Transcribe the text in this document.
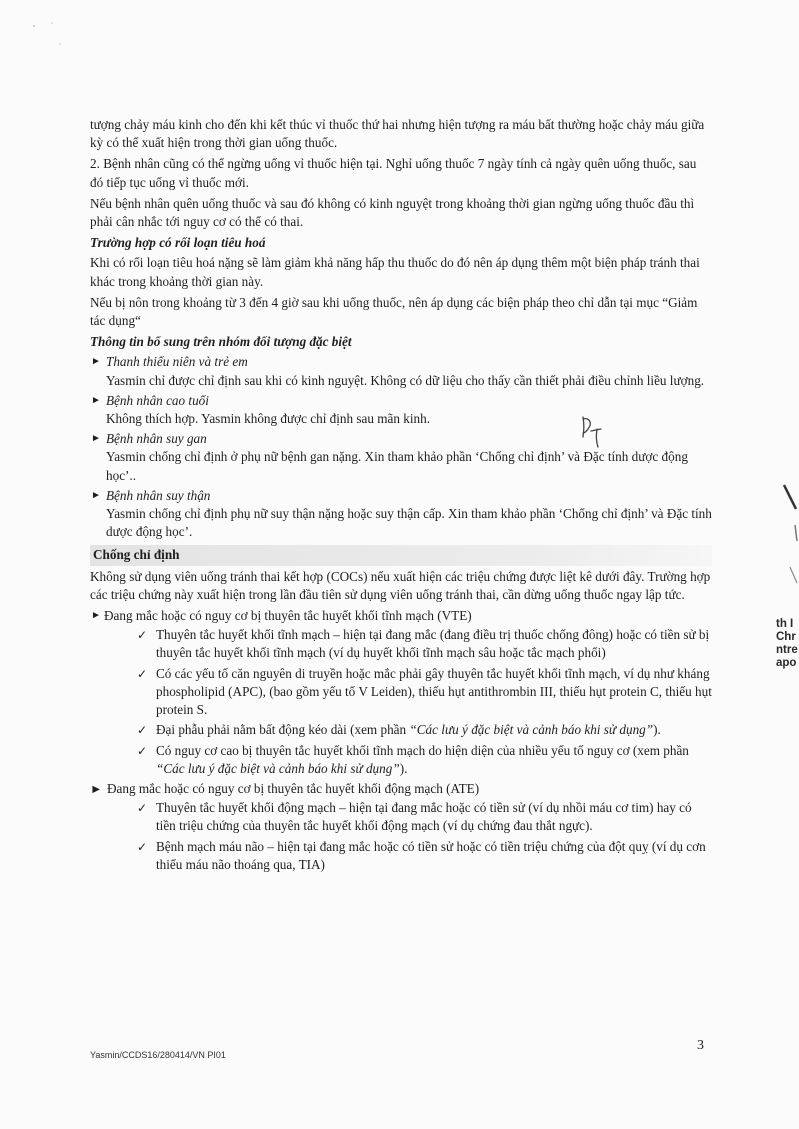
tượng chảy máu kinh cho đến khi kết thúc vỉ thuốc thứ hai nhưng hiện tượng ra máu bất thường hoặc chảy máu giữa kỳ có thể xuất hiện trong thời gian uống thuốc.

2. Bệnh nhân cũng có thể ngừng uống vỉ thuốc hiện tại. Nghỉ uống thuốc 7 ngày tính cả ngày quên uống thuốc, sau đó tiếp tục uống vỉ thuốc mới.

Nếu bệnh nhân quên uống thuốc và sau đó không có kinh nguyệt trong khoảng thời gian ngừng uống thuốc đầu thì phải cân nhắc tới nguy cơ có thể có thai.

Trường hợp có rối loạn tiêu hoá

Khi có rối loạn tiêu hoá nặng sẽ làm giảm khả năng hấp thu thuốc do đó nên áp dụng thêm một biện pháp tránh thai khác trong khoảng thời gian này.

Nếu bị nôn trong khoảng từ 3 đến 4 giờ sau khi uống thuốc, nên áp dụng các biện pháp theo chỉ dẫn tại mục “Giảm tác dụng“

Thông tin bổ sung trên nhóm đối tượng đặc biệt
► Thanh thiếu niên và trẻ em
Yasmin chỉ được chỉ định sau khi có kinh nguyệt. Không có dữ liệu cho thấy cần thiết phải điều chỉnh liều lượng.
► Bệnh nhân cao tuổi
Không thích hợp. Yasmin không được chỉ định sau mãn kinh.
► Bệnh nhân suy gan
Yasmin chống chỉ định ở phụ nữ bệnh gan nặng. Xin tham khảo phần ‘Chống chỉ định’ và Đặc tính dược động học’..
► Bệnh nhân suy thận
Yasmin chống chỉ định phụ nữ suy thận nặng hoặc suy thận cấp. Xin tham khảo phần ‘Chống chỉ định’ và Đặc tính dược động học’.
Chống chỉ định

Không sử dụng viên uống tránh thai kết hợp (COCs) nếu xuất hiện các triệu chứng được liệt kê dưới đây. Trường hợp các triệu chứng này xuất hiện trong lần đầu tiên sử dụng viên uống tránh thai, cần dừng uống thuốc ngay lập tức.

► Đang mắc hoặc có nguy cơ bị thuyên tắc huyết khối tĩnh mạch (VTE)
✓ Thuyên tắc huyết khối tĩnh mạch – hiện tại đang mắc (đang điều trị thuốc chống đông) hoặc có tiền sử bị thuyên tắc huyết khối tĩnh mạch (ví dụ huyết khối tĩnh mạch sâu hoặc tắc mạch phổi)
✓ Có các yếu tố căn nguyên di truyền hoặc mắc phải gây thuyên tắc huyết khối tĩnh mạch, ví dụ như kháng phospholipid (APC), (bao gồm yếu tố V Leiden), thiếu hụt antithrombin III, thiếu hụt protein C, thiếu hụt protein S.
✓ Đại phẫu phải nằm bất động kéo dài (xem phần “Các lưu ý đặc biệt và cảnh báo khi sử dụng”).
✓ Có nguy cơ cao bị thuyên tắc huyết khối tĩnh mạch do hiện diện của nhiều yếu tố nguy cơ (xem phần “Các lưu ý đặc biệt và cảnh báo khi sử dụng”).
► Đang mắc hoặc có nguy cơ bị thuyên tắc huyết khối động mạch (ATE)
✓ Thuyên tắc huyết khối động mạch – hiện tại đang mắc hoặc có tiền sử (ví dụ nhồi máu cơ tim) hay có tiền triệu chứng của thuyên tắc huyết khối động mạch (ví dụ chứng đau thắt ngực).
✓ Bệnh mạch máu não – hiện tại đang mắc hoặc có tiền sử hoặc có tiền triệu chứng của đột quỵ (ví dụ cơn thiếu máu não thoáng qua, TIA)
th I
Chr
ntre
apo
Yasmin/CCDS16/280414/VN PI01
3
